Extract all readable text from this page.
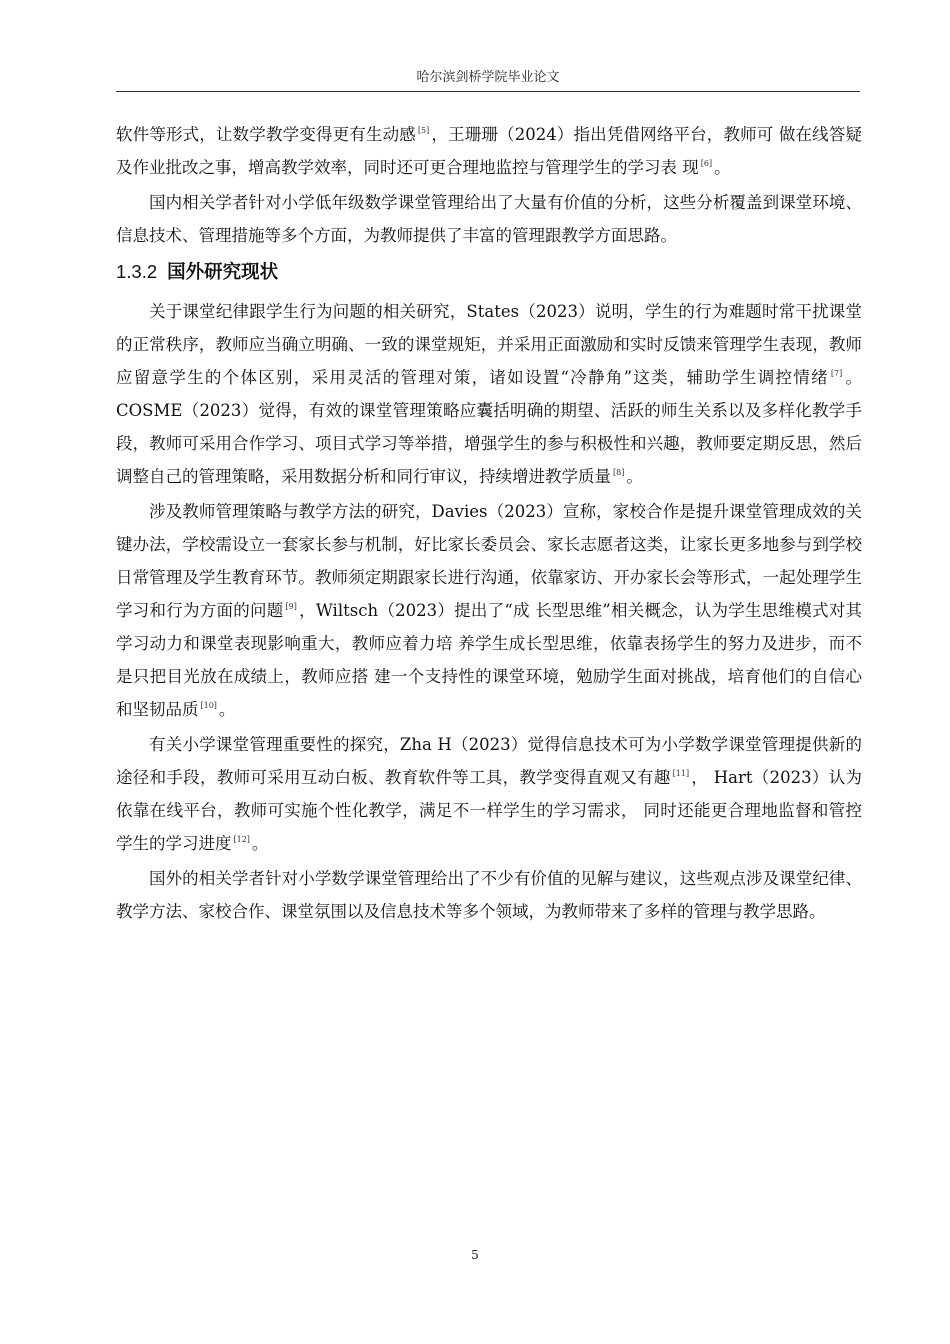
哈尔滨剑桥学院毕业论文

软件等形式，让数学教学变得更有生动感 [5] ，王珊珊（2024）指出凭借网络平台，教师可 做在线答疑及作业批改之事，增高教学效率，同时还可更合理地监控与管理学生的学习表 现 [6] 。

国内相关学者针对小学低年级数学课堂管理给出了大量有价值的分析，这些分析覆盖到课堂环境、信息技术、管理措施等多个方面，为教师提供了丰富的管理跟教学方面思路。

1.3.2 国外研究现状

关于课堂纪律跟学生行为问题的相关研究，States（2023）说明，学生的行为难题时常干扰课堂的正常秩序，教师应当确立明确、一致的课堂规矩，并采用正面激励和实时反馈来管理学生表现，教师应留意学生的个体区别，采用灵活的管理对策，诸如设置“冷静角”这类，辅助学生调控情绪 [7] 。COSME（2023）觉得，有效的课堂管理策略应囊括明确的期望、活跃的师生关系以及多样化教学手段，教师可采用合作学习、项目式学习等举措，增强学生的参与积极性和兴趣，教师要定期反思，然后调整自己的管理策略，采用数据分析和同行审议，持续增进教学质量 [8] 。

涉及教师管理策略与教学方法的研究，Davies（2023）宣称，家校合作是提升课堂管理成效的关键办法，学校需设立一套家长参与机制，好比家长委员会、家长志愿者这类，让家长更多地参与到学校日常管理及学生教育环节。教师须定期跟家长进行沟通，依靠家访、开办家长会等形式，一起处理学生学习和行为方面的问题 [9] ，Wiltsch（2023）提出了“成 长型思维”相关概念，认为学生思维模式对其学习动力和课堂表现影响重大，教师应着力培 养学生成长型思维，依靠表扬学生的努力及进步，而不是只把目光放在成绩上，教师应搭 建一个支持性的课堂环境，勉励学生面对挑战，培育他们的自信心和坚韧品质 [10] 。

有关小学课堂管理重要性的探究，Zha H（2023）觉得信息技术可为小学数学课堂管理提供新的途径和手段，教师可采用互动白板、教育软件等工具，教学变得直观又有趣 [11] ， Hart（2023）认为依靠在线平台，教师可实施个性化教学，满足不一样学生的学习需求， 同时还能更合理地监督和管控学生的学习进度 [12] 。

国外的相关学者针对小学数学课堂管理给出了不少有价值的见解与建议，这些观点涉及课堂纪律、教学方法、家校合作、课堂氛围以及信息技术等多个领域，为教师带来了多样的管理与教学思路。

5
